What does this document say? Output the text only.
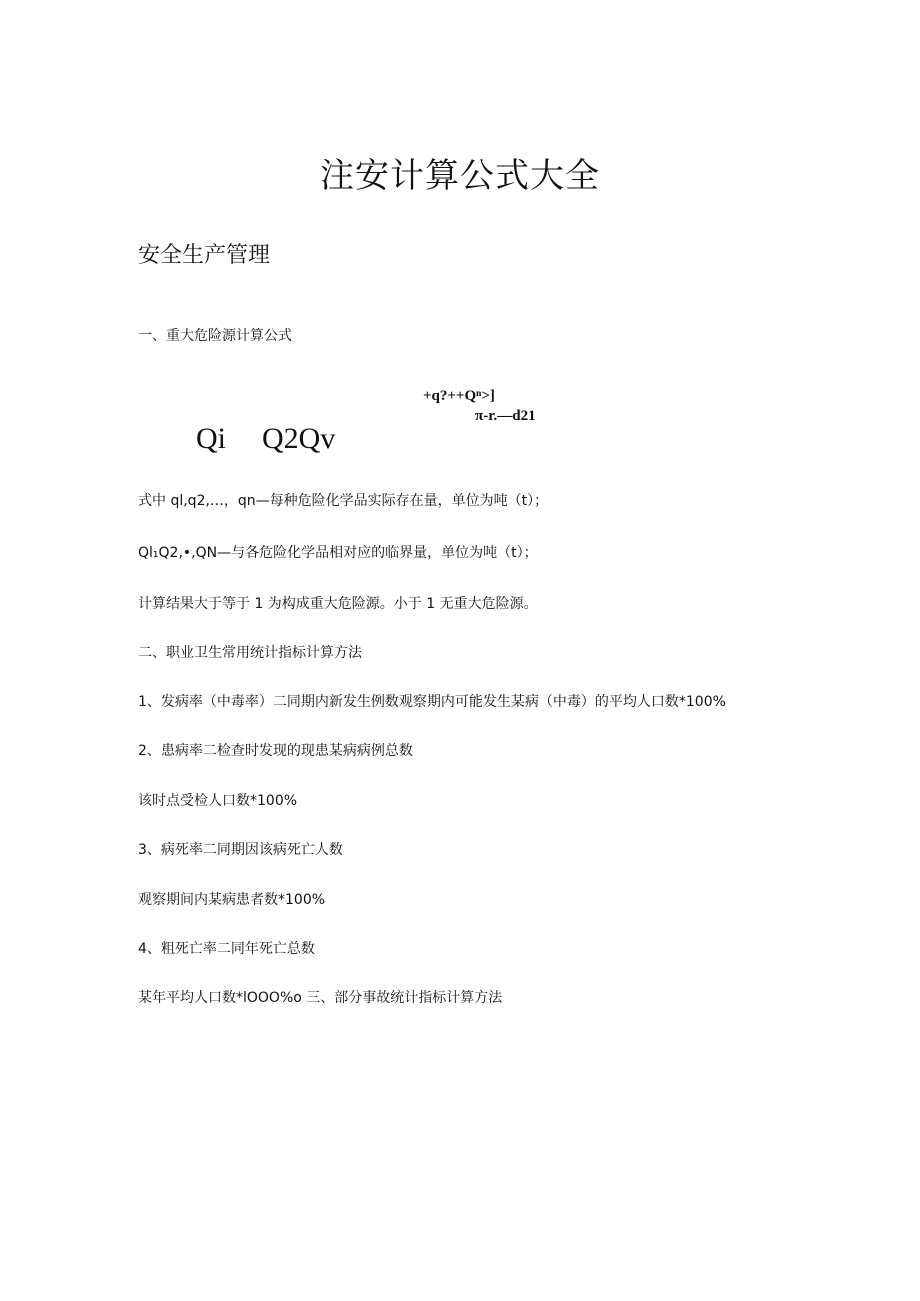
注安计算公式大全
安全生产管理
一、重大危险源计算公式
+q?++Qⁿ>]
π-r.—d21
Qi Q2Qv
式中 ql,q2,…，qn—每种危险化学品实际存在量，单位为吨（t）；
Ql₁Q2,•,QN—与各危险化学品相对应的临界量，单位为吨（t）；
计算结果大于等于 1 为构成重大危险源。小于 1 无重大危险源。
二、职业卫生常用统计指标计算方法
1、发病率（中毒率）二同期内新发生例数观察期内可能发生某病（中毒）的平均人口数*100%
2、患病率二检查时发现的现患某病病例总数
该时点受检人口数*100%
3、病死率二同期因该病死亡人数
观察期间内某病患者数*100%
4、粗死亡率二同年死亡总数
某年平均人口数*lOOO%o 三、部分事故统计指标计算方法
